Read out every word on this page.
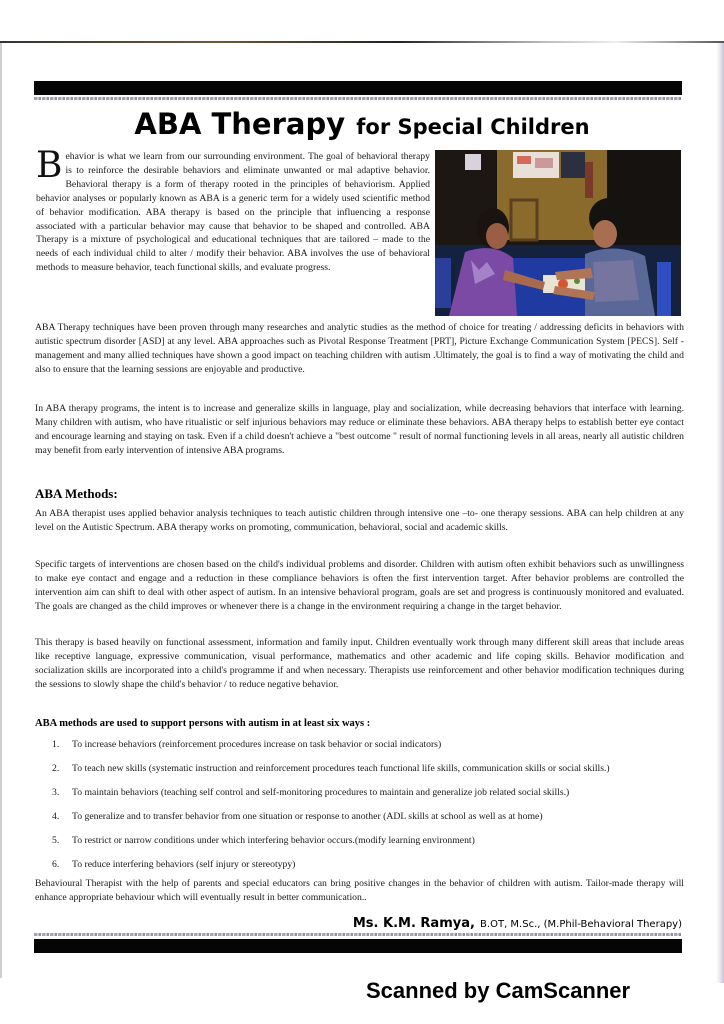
ABA Therapy for Special Children
B ehavior is what we learn from our surrounding environment. The goal of behavioral therapy is to reinforce the desirable behaviors and eliminate unwanted or mal adaptive behavior. Behavioral therapy is a form of therapy rooted in the principles of behaviorism. Applied behavior analyses or popularly known as ABA is a generic term for a widely used scientific method of behavior modification. ABA therapy is based on the principle that influencing a response associated with a particular behavior may cause that behavior to be shaped and controlled. ABA Therapy is a mixture of psychological and educational techniques that are tailored – made to the needs of each individual child to alter / modify their behavior. ABA involves the use of behavioral methods to measure behavior, teach functional skills, and evaluate progress.
ABA Therapy techniques have been proven through many researches and analytic studies as the method of choice for treating / addressing deficits in behaviors with autistic spectrum disorder [ASD] at any level. ABA approaches such as Pivotal Response Treatment [PRT], Picture Exchange Communication System [PECS]. Self - management and many allied techniques have shown a good impact on teaching children with autism .Ultimately, the goal is to find a way of motivating the child and also to ensure that the learning sessions are enjoyable and productive.
In ABA therapy programs, the intent is to increase and generalize skills in language, play and socialization, while decreasing behaviors that interface with learning. Many children with autism, who have ritualistic or self injurious behaviors may reduce or eliminate these behaviors. ABA therapy helps to establish better eye contact and encourage learning and staying on task. Even if a child doesn't achieve a "best outcome " result of normal functioning levels in all areas, nearly all autistic children may benefit from early intervention of intensive ABA programs.
ABA Methods:
An ABA therapist uses applied behavior analysis techniques to teach autistic children through intensive one –to- one therapy sessions. ABA can help children at any level on the Autistic Spectrum. ABA therapy works on promoting, communication, behavioral, social and academic skills.
Specific targets of interventions are chosen based on the child's individual problems and disorder. Children with autism often exhibit behaviors such as unwillingness to make eye contact and engage and a reduction in these compliance behaviors is often the first intervention target. After behavior problems are controlled the intervention aim can shift to deal with other aspect of autism. In an intensive behavioral program, goals are set and progress is continuously monitored and evaluated. The goals are changed as the child improves or whenever there is a change in the environment requiring a change in the target behavior.
This therapy is based heavily on functional assessment, information and family input. Children eventually work through many different skill areas that include areas like receptive language, expressive communication, visual performance, mathematics and other academic and life coping skills. Behavior modification and socialization skills are incorporated into a child's programme if and when necessary. Therapists use reinforcement and other behavior modification techniques during the sessions to slowly shape the child's behavior / to reduce negative behavior.
ABA methods are used to support persons with autism in at least six ways :
1. To increase behaviors (reinforcement procedures increase on task behavior or social indicators)
2. To teach new skills (systematic instruction and reinforcement procedures teach functional life skills, communication skills or social skills.)
3. To maintain behaviors (teaching self control and self-monitoring procedures to maintain and generalize job related social skills.)
4. To generalize and to transfer behavior from one situation or response to another (ADL skills at school as well as at home)
5. To restrict or narrow conditions under which interfering behavior occurs.(modify learning environment)
6. To reduce interfering behaviors (self injury or stereotypy)
Behavioural Therapist with the help of parents and special educators can bring positive changes in the behavior of children with autism. Tailor-made therapy will enhance appropriate behaviour which will eventually result in better communication..
Ms. K.M. Ramya, B.OT, M.Sc., (M.Phil-Behavioral Therapy)
Scanned by CamScanner
